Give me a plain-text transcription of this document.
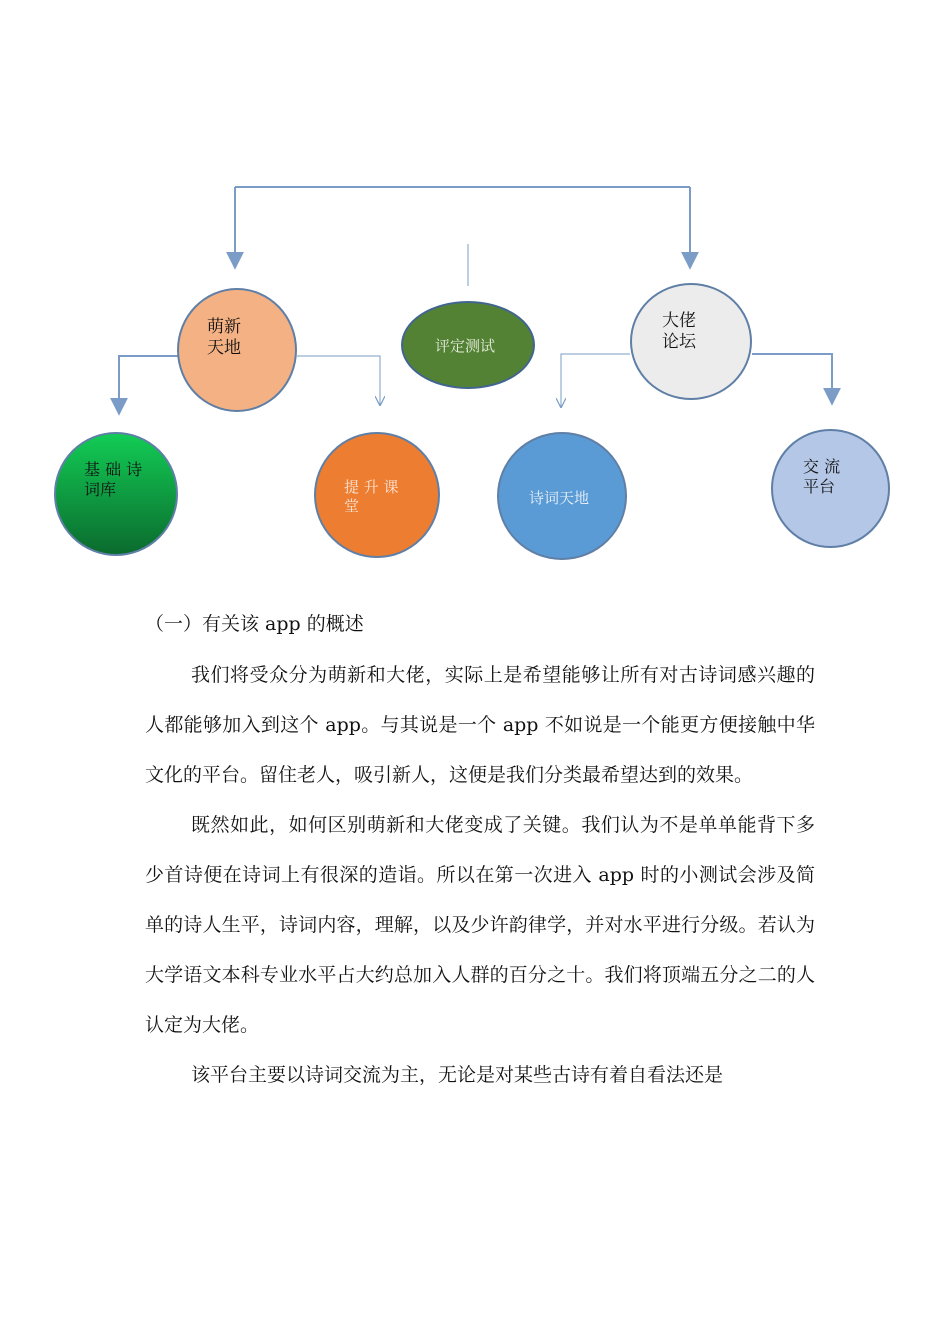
萌新
天地	评定测试
大佬
论坛
基 础 诗
词库	提 升 课
堂	诗词天地
交 流
平台
（一）有关该 app 的概述

我们将受众分为萌新和大佬，实际上是希望能够让所有对古诗词感兴趣的人都能够加入到这个 app。与其说是一个 app 不如说是一个能更方便接触中华文化的平台。留住老人，吸引新人，这便是我们分类最希望达到的效果。

既然如此，如何区别萌新和大佬变成了关键。我们认为不是单单能背下多少首诗便在诗词上有很深的造诣。所以在第一次进入 app 时的小测试会涉及简单的诗人生平，诗词内容，理解，以及少许韵律学，并对水平进行分级。若认为大学语文本科专业水平占大约总加入人群的百分之十。我们将顶端五分之二的人认定为大佬。

该平台主要以诗词交流为主，无论是对某些古诗有着自看法还是
